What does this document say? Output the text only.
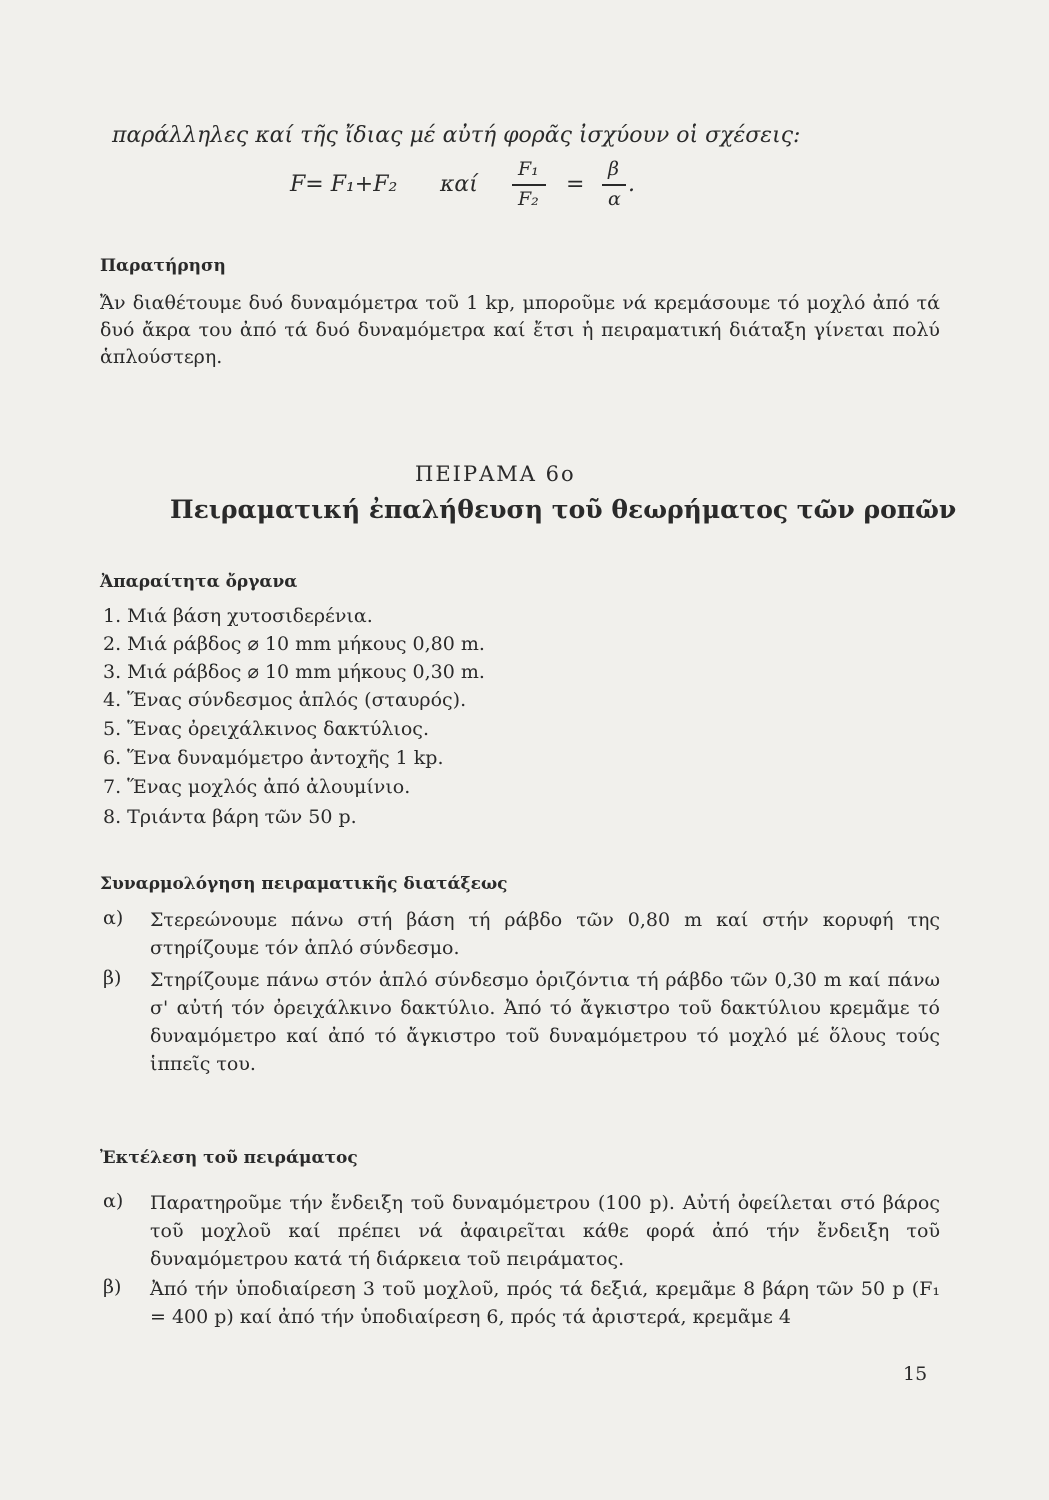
παράλληλες καί τῆς ἴδιας μέ αὐτή φορᾶς ἰσχύουν οἱ σχέσεις:
F= F₁+F₂ καί
F₁
F₂
=
β
α
.
Παρατήρηση
Ἄν διαθέτουμε δυό δυναμόμετρα τοῦ 1 kp, μποροῦμε νά κρεμάσουμε τό μοχλό ἀπό τά δυό ἄκρα του ἀπό τά δυό δυναμόμετρα καί ἔτσι ἡ πειραματική διάταξη γίνεται πολύ ἁπλούστερη.
ΠΕΙΡΑΜΑ 6ο
Πειραματική ἐπαλήθευση τοῦ θεωρήματος τῶν ροπῶν
Ἀπαραίτητα ὄργανα
1. Μιά βάση χυτοσιδερένια.
2. Μιά ράβδος ⌀ 10 mm μήκους 0,80 m.
3. Μιά ράβδος ⌀ 10 mm μήκους 0,30 m.
4. Ἕνας σύνδεσμος ἁπλός (σταυρός).
5. Ἕνας ὀρειχάλκινος δακτύλιος.
6. Ἕνα δυναμόμετρο ἀντοχῆς 1 kp.
7. Ἕνας μοχλός ἀπό ἀλουμίνιο.
8. Τριάντα βάρη τῶν 50 p.
Συναρμολόγηση πειραματικῆς διατάξεως
α) Στερεώνουμε πάνω στή βάση τή ράβδο τῶν 0,80 m καί στήν κορυφή της στηρίζουμε τόν ἁπλό σύνδεσμο.
β) Στηρίζουμε πάνω στόν ἁπλό σύνδεσμο ὁριζόντια τή ράβδο τῶν 0,30 m καί πάνω σ' αὐτή τόν ὀρειχάλκινο δακτύλιο. Ἀπό τό ἄγκιστρο τοῦ δακτύλιου κρεμᾶμε τό δυναμόμετρο καί ἀπό τό ἄγκιστρο τοῦ δυναμόμετρου τό μοχλό μέ ὅλους τούς ἱππεῖς του.
Ἐκτέλεση τοῦ πειράματος
α) Παρατηροῦμε τήν ἔνδειξη τοῦ δυναμόμετρου (100 p). Αὐτή ὀφείλεται στό βάρος τοῦ μοχλοῦ καί πρέπει νά ἀφαιρεῖται κάθε φορά ἀπό τήν ἔνδειξη τοῦ δυναμόμετρου κατά τή διάρκεια τοῦ πειράματος.
β) Ἀπό τήν ὑποδιαίρεση 3 τοῦ μοχλοῦ, πρός τά δεξιά, κρεμᾶμε 8 βάρη τῶν 50 p (F₁ = 400 p) καί ἀπό τήν ὑποδιαίρεση 6, πρός τά ἀριστερά, κρεμᾶμε 4
15
